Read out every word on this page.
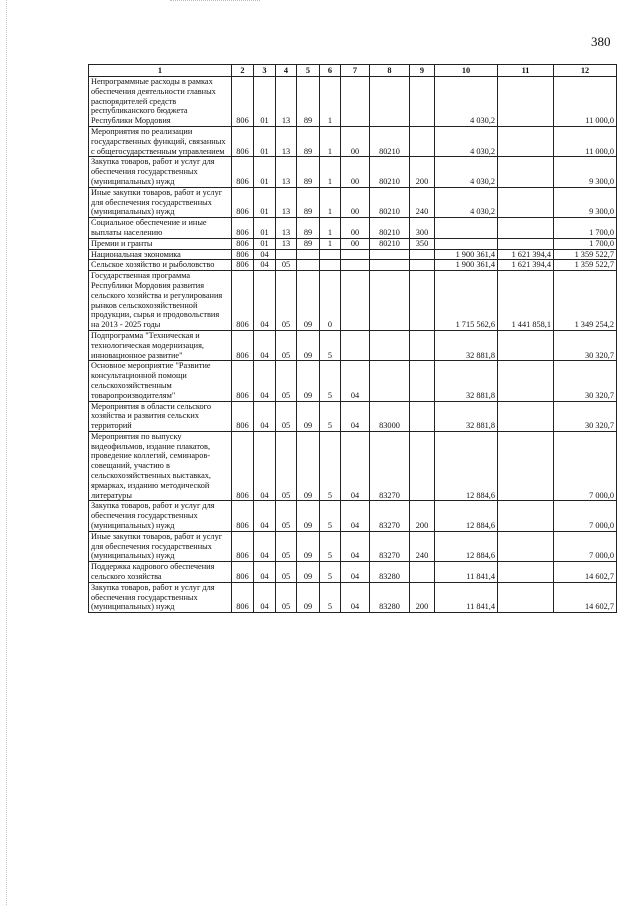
380
1	2	3	4	5	6	7	8	9	10	11	12
Непрограммные расходы в рамках обеспечения деятельности главных распорядителей средств республиканского бюджета Республики Мордовия	806	01	13	89	1				4 030,2		11 000,0
Мероприятия по реализации государственных функций, связанных с общегосударственным управлением	806	01	13	89	1	00	80210		4 030,2		11 000,0
Закупка товаров, работ и услуг для обеспечения государственных (муниципальных) нужд	806	01	13	89	1	00	80210	200	4 030,2		9 300,0
Иные закупки товаров, работ и услуг для обеспечения государственных (муниципальных) нужд	806	01	13	89	1	00	80210	240	4 030,2		9 300,0
Социальное обеспечение и иные выплаты населению	806	01	13	89	1	00	80210	300			1 700,0
Премии и гранты	806	01	13	89	1	00	80210	350			1 700,0
Национальная экономика	806	04							1 900 361,4	1 621 394,4	1 359 522,7
Сельское хозяйство и рыболовство	806	04	05						1 900 361,4	1 621 394,4	1 359 522,7
Государственная программа Республики Мордовия развития сельского хозяйства и регулирования рынков сельскохозяйственной продукции, сырья и продовольствия на 2013 - 2025 годы	806	04	05	09	0				1 715 562,6	1 441 858,1	1 349 254,2
Подпрограмма "Техническая и технологическая модернизация, инновационное развитие"	806	04	05	09	5				32 881,8		30 320,7
Основное мероприятие "Развитие консультационной помощи сельскохозяйственным товаропроизводителям"	806	04	05	09	5	04			32 881,8		30 320,7
Мероприятия в области сельского хозяйства и развития сельских территорий	806	04	05	09	5	04	83000		32 881,8		30 320,7
Мероприятия по выпуску видеофильмов, издание плакатов, проведение коллегий, семинаров-совещаний, участию в сельскохозяйственных выставках, ярмарках, изданию методической литературы	806	04	05	09	5	04	83270		12 884,6		7 000,0
Закупка товаров, работ и услуг для обеспечения государственных (муниципальных) нужд	806	04	05	09	5	04	83270	200	12 884,6		7 000,0
Иные закупки товаров, работ и услуг для обеспечения государственных (муниципальных) нужд	806	04	05	09	5	04	83270	240	12 884,6		7 000,0
Поддержка кадрового обеспечения сельского хозяйства	806	04	05	09	5	04	83280		11 841,4		14 602,7
Закупка товаров, работ и услуг для обеспечения государственных (муниципальных) нужд	806	04	05	09	5	04	83280	200	11 841,4		14 602,7
